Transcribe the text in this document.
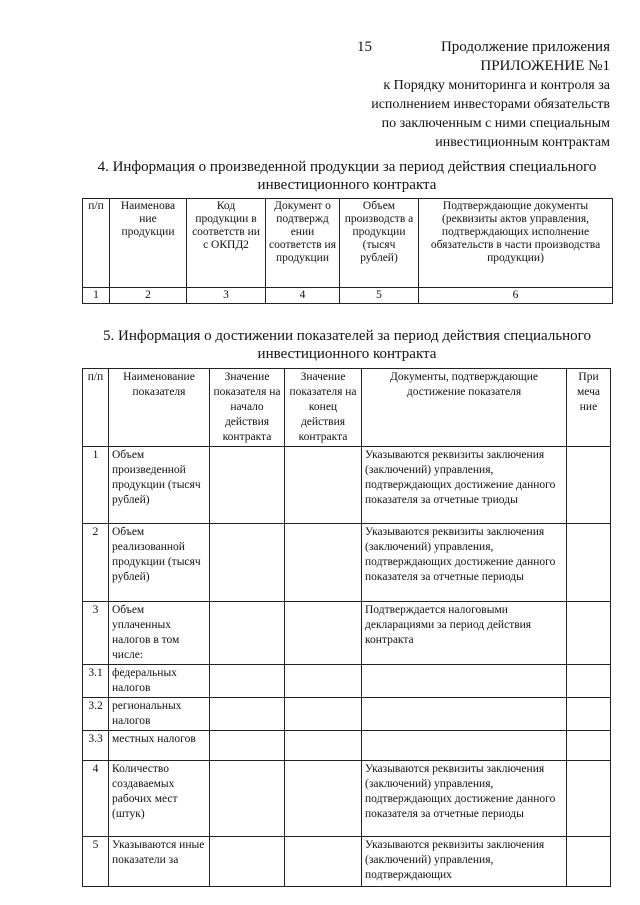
15	Продолжение приложения
ПРИЛОЖЕНИЕ №1
к Порядку мониторинга и контроля за
исполнением инвесторами обязательств
по заключенным с ними специальным
инвестиционным контрактам
4. Информация о произведенной продукции за период действия специального
инвестиционного контракта
п/п	Наименова ние продукции	Код продукции в соответств ии с ОКПД2	Документ о подтвержд ении соответств ия продукции	Объем производств а продукции (тысяч рублей)	Подтверждающие документы (реквизиты актов управления, подтверждающих исполнение обязательств в части производства продукции)
1	2	3	4	5	6
5. Информация о достижении показателей за период действия специального
инвестиционного контракта
п/п	Наименование показателя	Значение показателя на начало действия контракта	Значение показателя на конец действия контракта	Документы, подтверждающие достижение показателя	При меча ние
1	Объем произведенной продукции (тысяч рублей)			Указываются реквизиты заключения (заключений) управления, подтверждающих достижение данного показателя за отчетные триоды	
2	Объем реализованной продукции (тысяч рублей)			Указываются реквизиты заключения (заключений) управления, подтверждающих достижение данного показателя за отчетные периоды	
3	Объем уплаченных налогов в том числе:			Подтверждается налоговыми декларациями за период действия контракта	
3.1	федеральных налогов				
3.2	региональных налогов				
3.3	местных налогов				
4	Количество создаваемых рабочих мест (штук)			Указываются реквизиты заключения (заключений) управления, подтверждающих достижение данного показателя за отчетные периоды	
5	Указываются иные показатели за			Указываются реквизиты заключения (заключений) управления, подтверждающих	
